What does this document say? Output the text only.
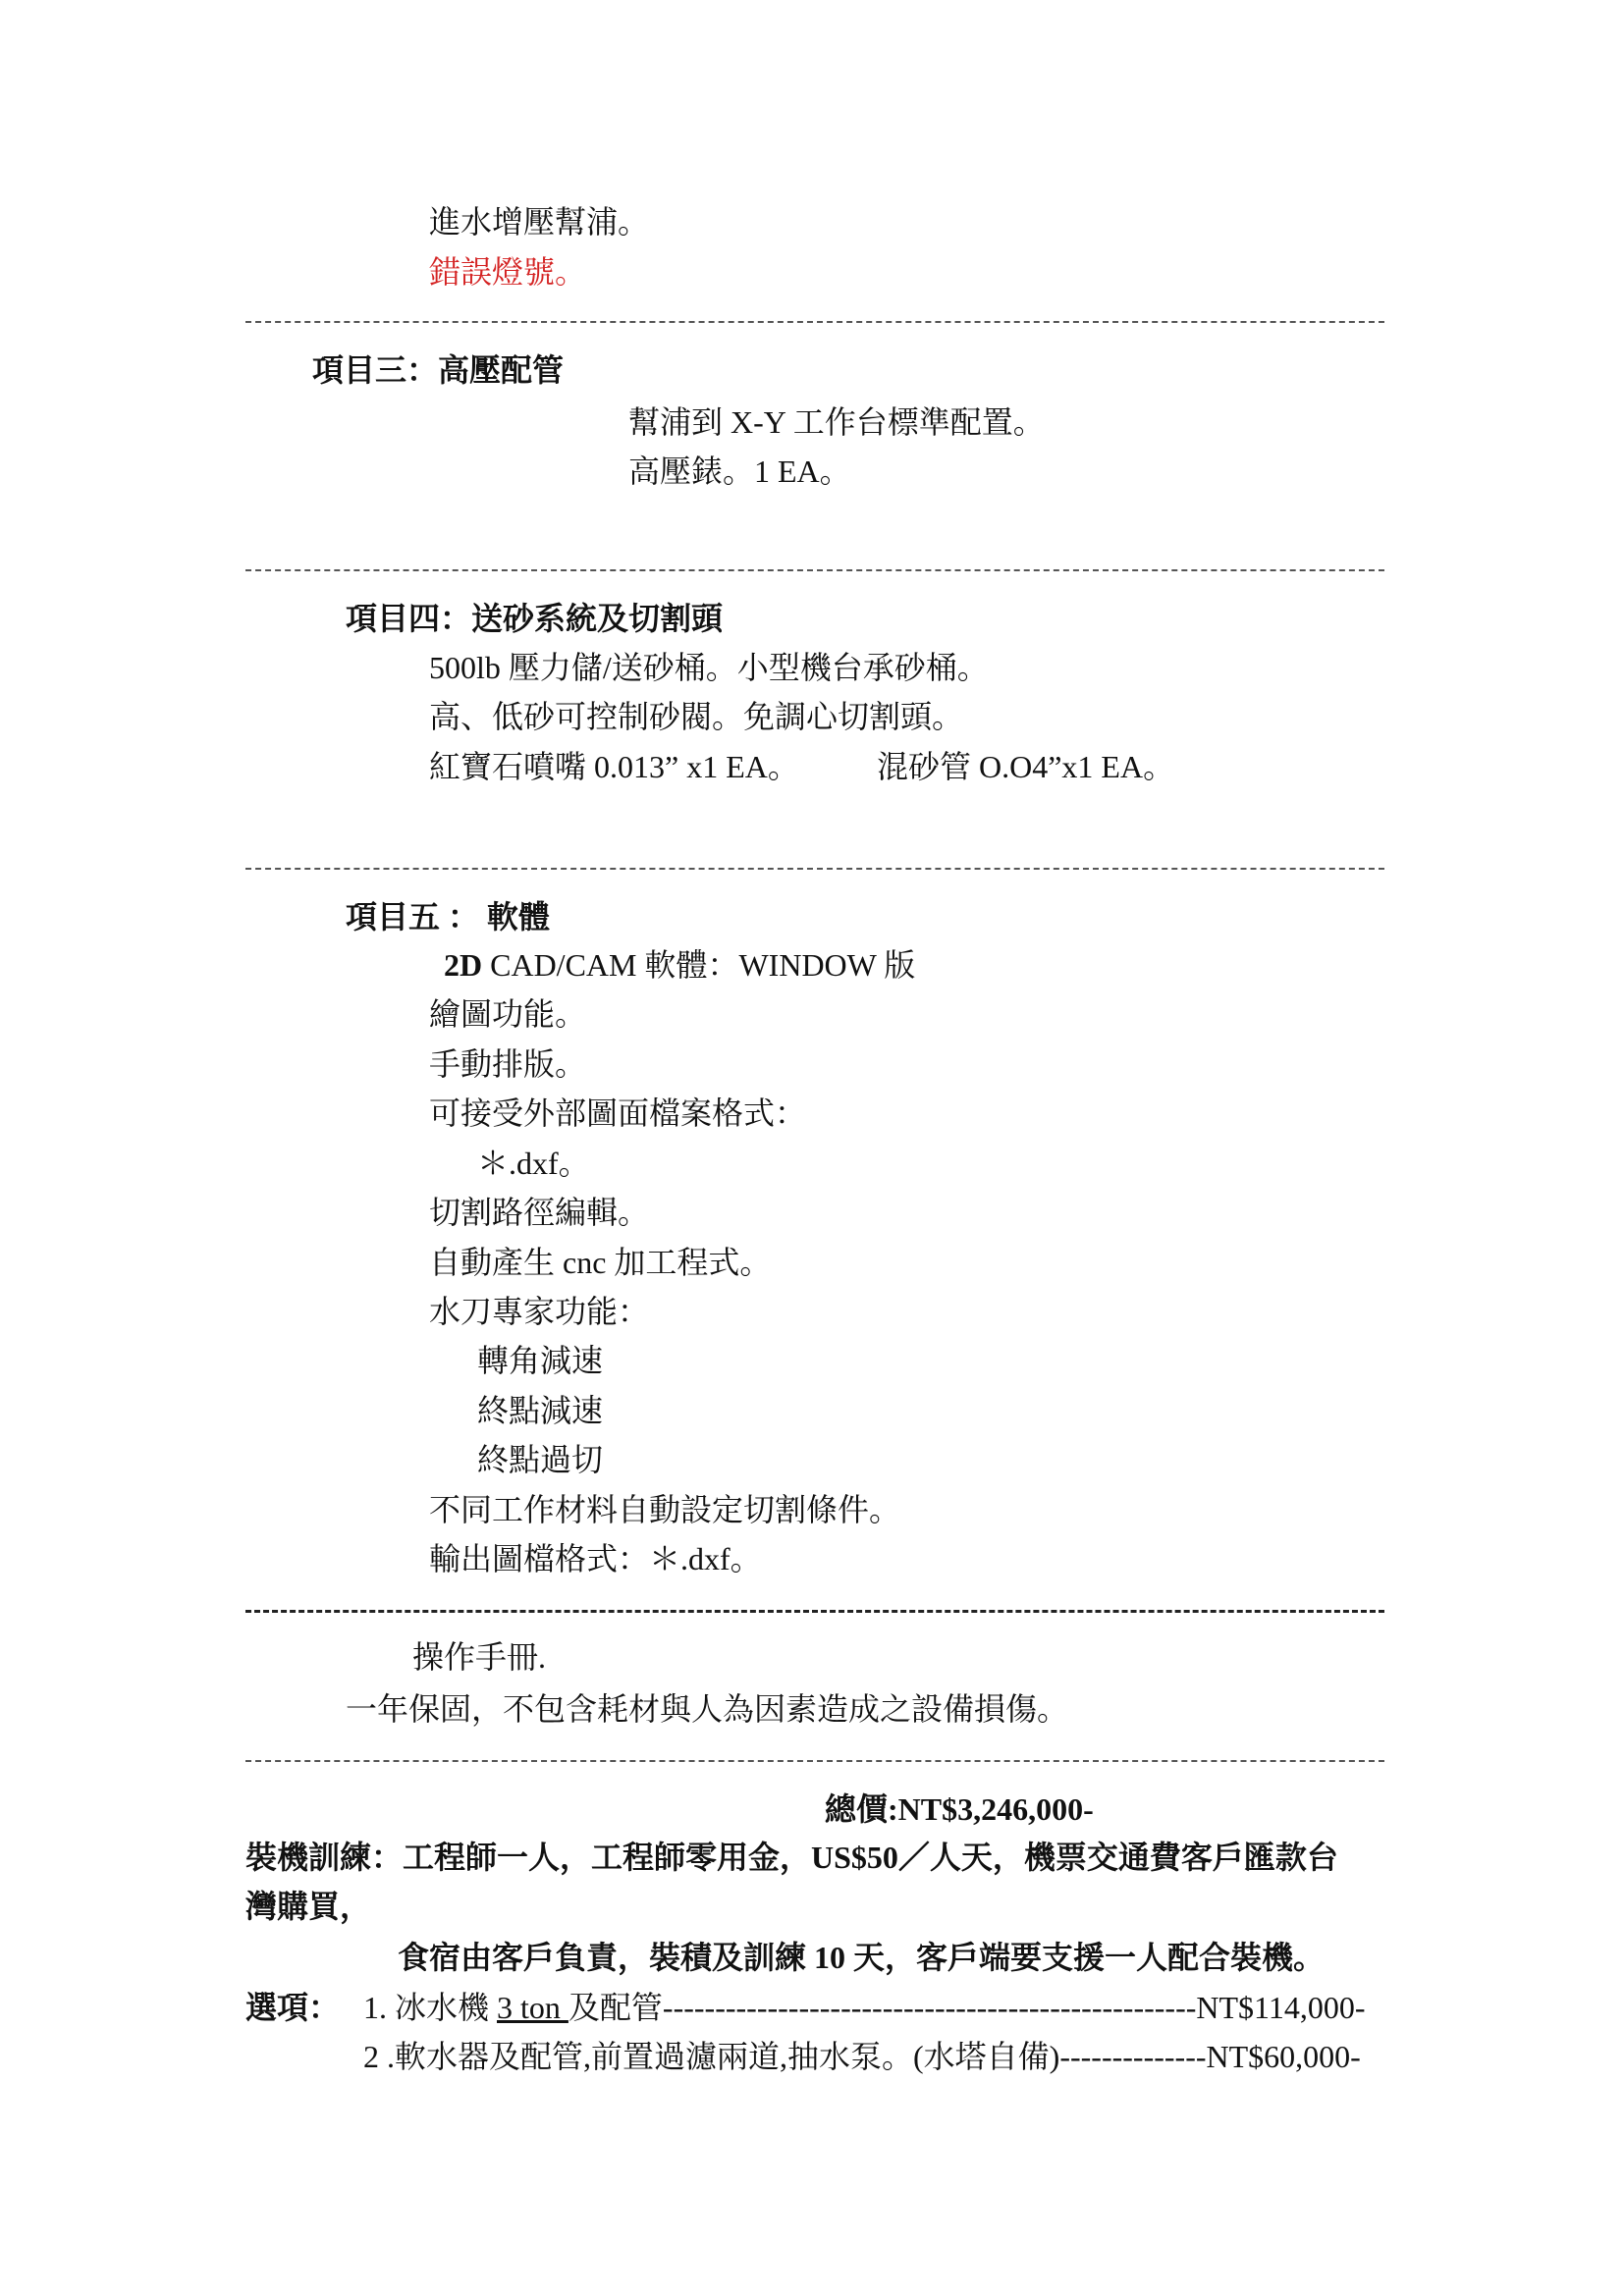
進水增壓幫浦。
錯誤燈號。
項目三：高壓配管
幫浦到 X-Y 工作台標準配置。
高壓錶。1 EA。
項目四：送砂系統及切割頭
500lb 壓力儲/送砂桶。小型機台承砂桶。
高、低砂可控制砂閥。免調心切割頭。
紅寶石噴嘴 0.013” x1 EA。 混砂管 O.O4”x1 EA。
項目五 ： 軟體
2D CAD/CAM 軟體：WINDOW 版
繪圖功能。
手動排版。
可接受外部圖面檔案格式：
＊.dxf。
切割路徑編輯。
自動產生 cnc 加工程式。
水刀專家功能：
轉角減速
終點減速
終點過切
不同工作材料自動設定切割條件。
輸出圖檔格式：＊.dxf。
操作手冊.
一年保固，不包含耗材與人為因素造成之設備損傷。
總價:NT$3,246,000-
裝機訓練：工程師一人，工程師零用金，US$50／人天，機票交通費客戶匯款台
灣購買，
食宿由客戶負責，裝積及訓練 10 天，客戶端要支援一人配合裝機。
選項： 1. 冰水機 3 ton 及配管---------------------------------------------------NT$114,000-
2 .軟水器及配管,前置過濾兩道,抽水泵。(水塔自備)--------------NT$60,000-
